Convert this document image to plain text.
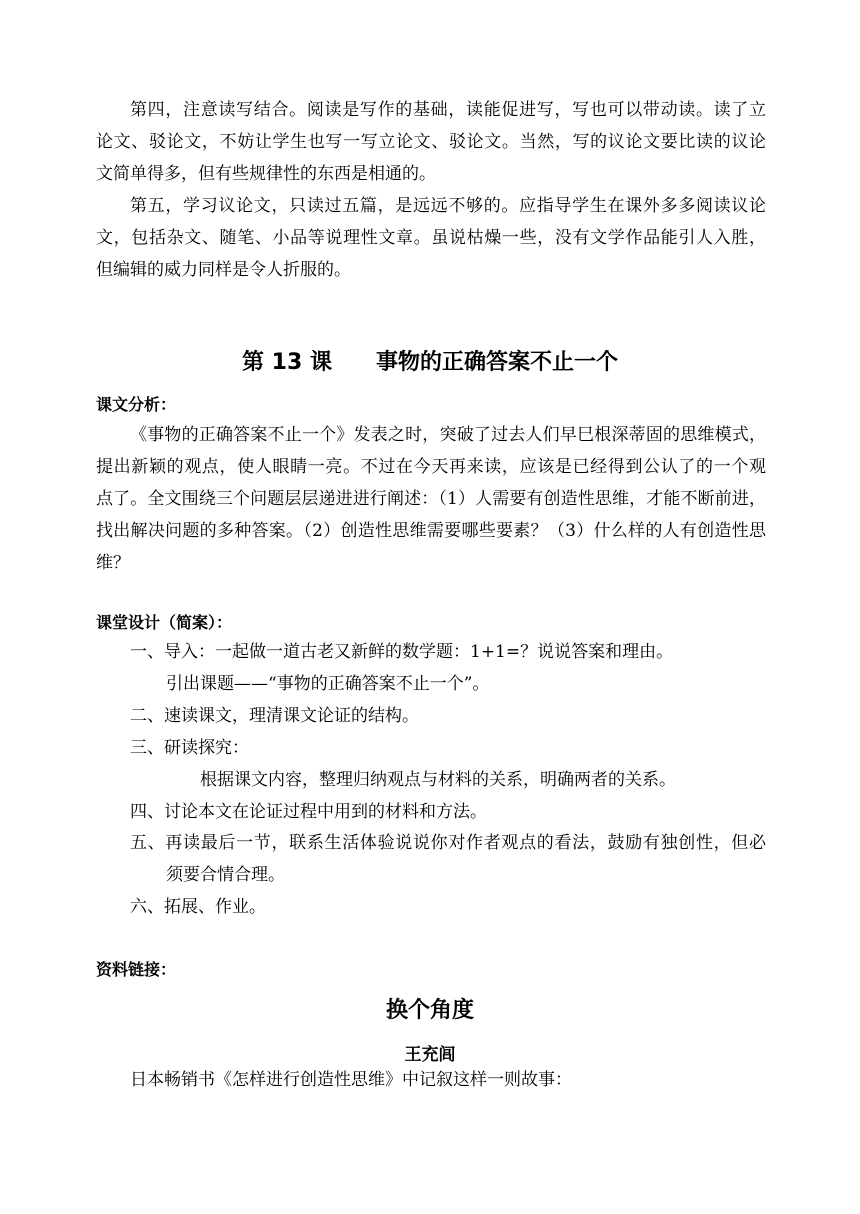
第四，注意读写结合。阅读是写作的基础，读能促进写，写也可以带动读。读了立
论文、驳论文，不妨让学生也写一写立论文、驳论文。当然，写的议论文要比读的议论
文简单得多，但有些规律性的东西是相通的。
第五，学习议论文，只读过五篇，是远远不够的。应指导学生在课外多多阅读议论
文，包括杂文、随笔、小品等说理性文章。虽说枯燥一些，没有文学作品能引人入胜，
但编辑的威力同样是令人折服的。
第 13 课 事物的正确答案不止一个
课文分析：
《事物的正确答案不止一个》发表之时，突破了过去人们早巳根深蒂固的思维模式，
提出新颖的观点，使人眼睛一亮。不过在今天再来读，应该是已经得到公认了的一个观
点了。全文围绕三个问题层层递进进行阐述：（1）人需要有创造性思维，才能不断前进，
找出解决问题的多种答案。（2）创造性思维需要哪些要素？（3）什么样的人有创造性思
维？
课堂设计（简案）：
一、导入：一起做一道古老又新鲜的数学题：1+1=？说说答案和理由。
引出课题——“事物的正确答案不止一个”。
二、速读课文，理清课文论证的结构。
三、研读探究：
根据课文内容，整理归纳观点与材料的关系，明确两者的关系。
四、讨论本文在论证过程中用到的材料和方法。
五、再读最后一节，联系生活体验说说你对作者观点的看法，鼓励有独创性，但必
须要合情合理。
六、拓展、作业。
资料链接：
换个角度
王充闾
日本畅销书《怎样进行创造性思维》中记叙这样一则故事：
